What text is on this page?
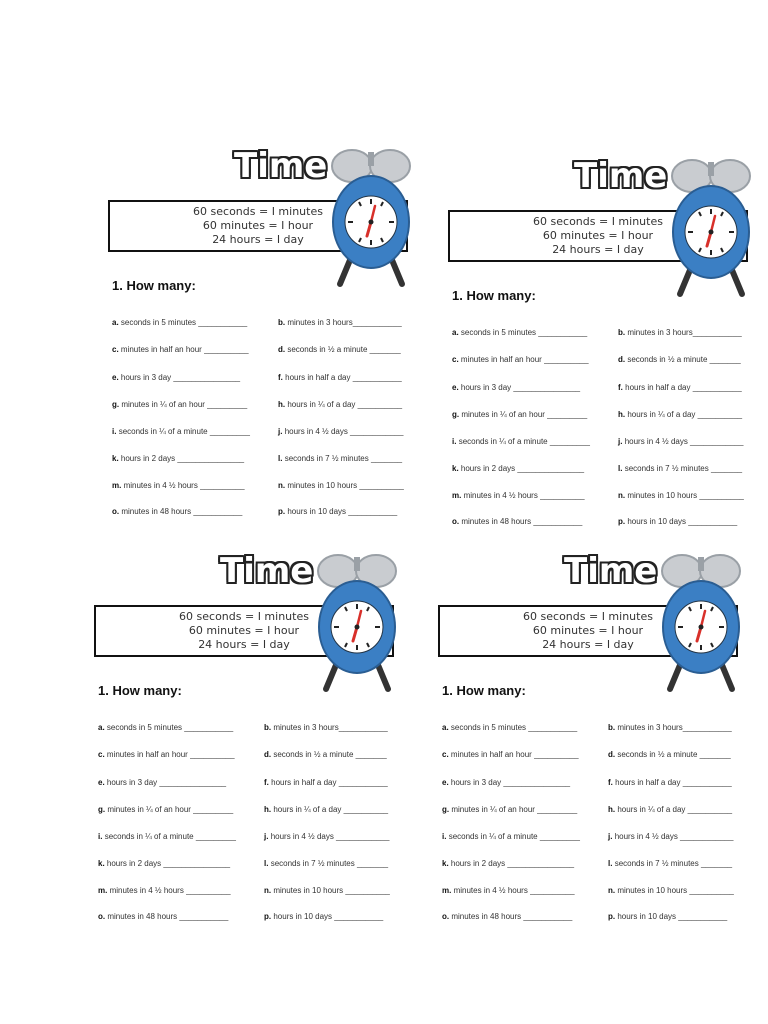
Time
60 seconds = I minutes
60 minutes = I hour
24 hours = I day
1. How many:
a. seconds in 5 minutes ___________	b. minutes in 3 hours___________
c. minutes in half an hour __________	d. seconds in ½ a minute _______
e. hours in 3 day _______________	f. hours in half a day ___________
g. minutes in ¼ of an hour _________	h. hours in ¼ of a day __________
i. seconds in ¼ of a minute _________	j. hours in 4 ½ days ____________
k. hours in 2 days _______________	l. seconds in 7 ½ minutes _______
m. minutes in 4 ½ hours __________	n. minutes in 10 hours __________
o. minutes in 48 hours ___________	p. hours in 10 days ___________
Time
60 seconds = I minutes
60 minutes = I hour
24 hours = I day
1. How many:
a. seconds in 5 minutes ___________	b. minutes in 3 hours___________
c. minutes in half an hour __________	d. seconds in ½ a minute _______
e. hours in 3 day _______________	f. hours in half a day ___________
g. minutes in ¼ of an hour _________	h. hours in ¼ of a day __________
i. seconds in ¼ of a minute _________	j. hours in 4 ½ days ____________
k. hours in 2 days _______________	l. seconds in 7 ½ minutes _______
m. minutes in 4 ½ hours __________	n. minutes in 10 hours __________
o. minutes in 48 hours ___________	p. hours in 10 days ___________
Time
60 seconds = I minutes
60 minutes = I hour
24 hours = I day
1. How many:
a. seconds in 5 minutes ___________	b. minutes in 3 hours___________
c. minutes in half an hour __________	d. seconds in ½ a minute _______
e. hours in 3 day _______________	f. hours in half a day ___________
g. minutes in ¼ of an hour _________	h. hours in ¼ of a day __________
i. seconds in ¼ of a minute _________	j. hours in 4 ½ days ____________
k. hours in 2 days _______________	l. seconds in 7 ½ minutes _______
m. minutes in 4 ½ hours __________	n. minutes in 10 hours __________
o. minutes in 48 hours ___________	p. hours in 10 days ___________
Time
60 seconds = I minutes
60 minutes = I hour
24 hours = I day
1. How many:
a. seconds in 5 minutes ___________	b. minutes in 3 hours___________
c. minutes in half an hour __________	d. seconds in ½ a minute _______
e. hours in 3 day _______________	f. hours in half a day ___________
g. minutes in ¼ of an hour _________	h. hours in ¼ of a day __________
i. seconds in ¼ of a minute _________	j. hours in 4 ½ days ____________
k. hours in 2 days _______________	l. seconds in 7 ½ minutes _______
m. minutes in 4 ½ hours __________	n. minutes in 10 hours __________
o. minutes in 48 hours ___________	p. hours in 10 days ___________
